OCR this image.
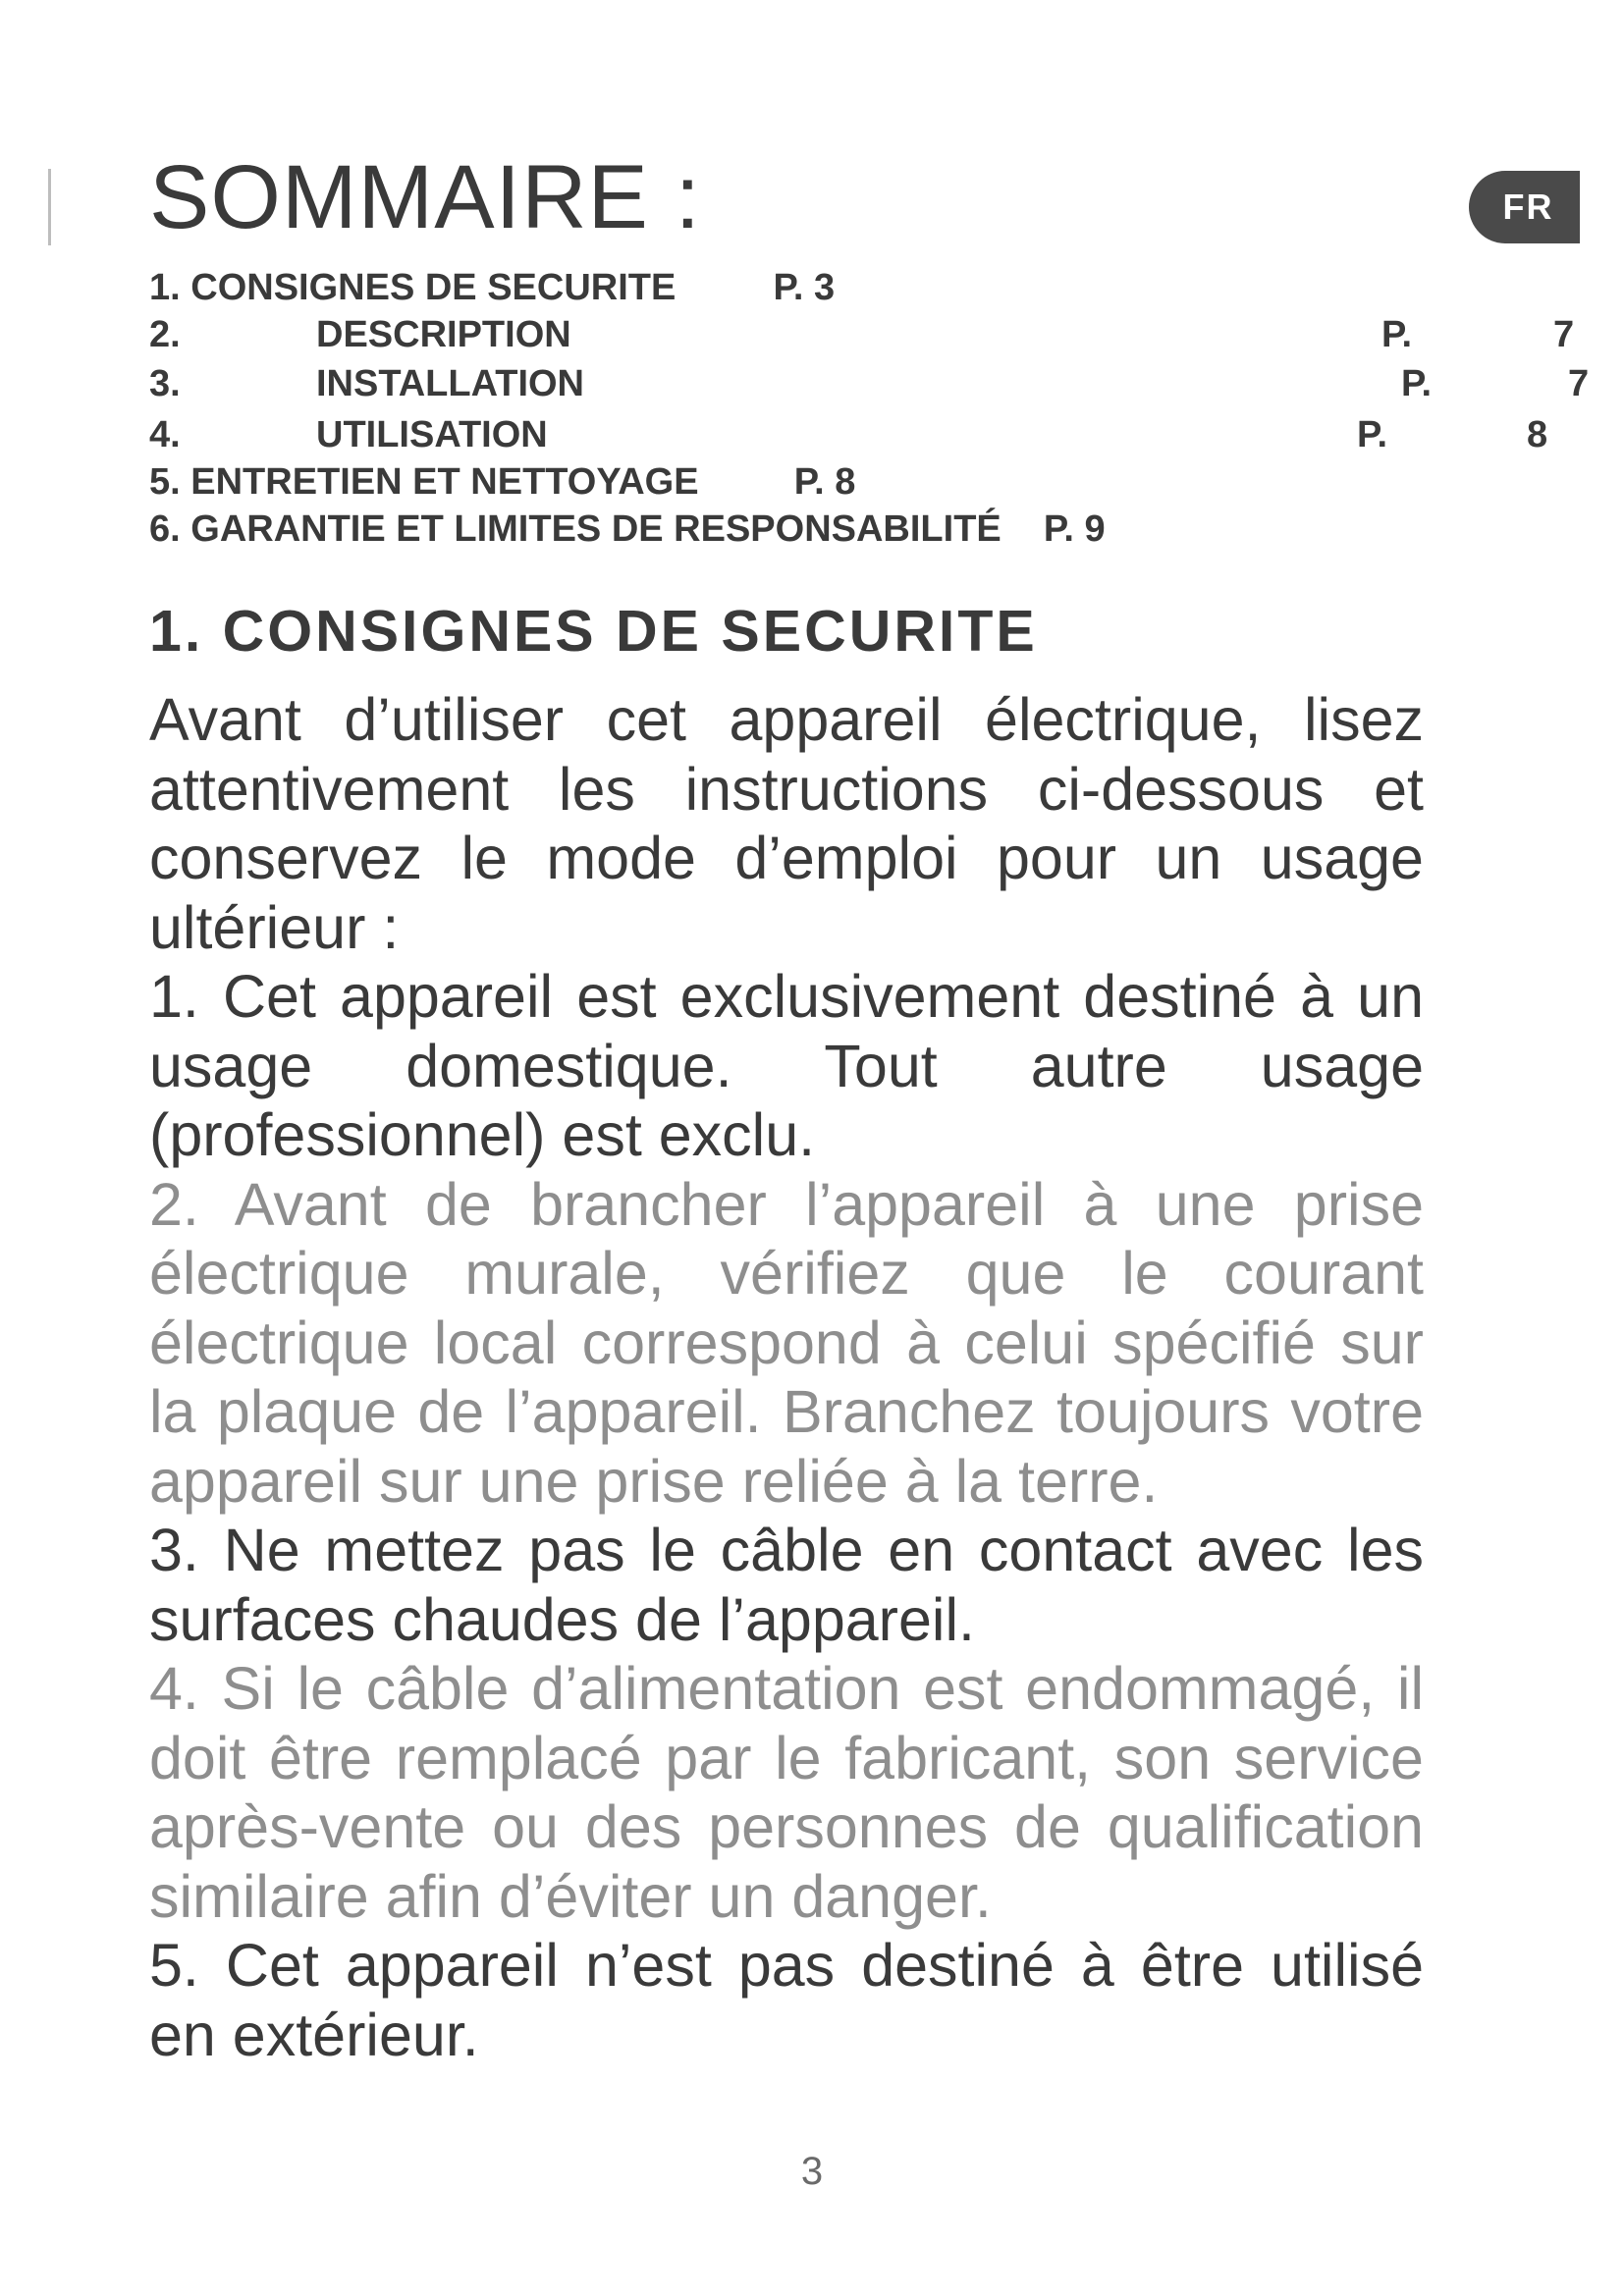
SOMMAIRE :	FR
1. CONSIGNES DE SECURITE	P. 3
2.	DESCRIPTION	P.	7
3.	INSTALLATION	P.	7
4.	UTILISATION	P.	8
5. ENTRETIEN ET NETTOYAGE	P. 8
6. GARANTIE ET LIMITES DE RESPONSABILITÉ P. 9
1. CONSIGNES DE SECURITE

Avant d’utiliser cet appareil électrique, lisez attentivement les instructions ci-dessous et conservez le mode d’emploi pour un usage ultérieur :

1. Cet appareil est exclusivement destiné à un usage domestique. Tout autre usage (professionnel) est exclu.

2. Avant de brancher l’appareil à une prise électrique murale, vérifiez que le courant électrique local correspond à celui spécifié sur la plaque de l’appareil. Branchez toujours votre appareil sur une prise reliée à la terre.

3. Ne mettez pas le câble en contact avec les surfaces chaudes de l’appareil.

4. Si le câble d’alimentation est endommagé, il doit être remplacé par le fabricant, son service après-vente ou des personnes de qualification similaire afin d’éviter un danger.

5. Cet appareil n’est pas destiné à être utilisé en extérieur.

3
